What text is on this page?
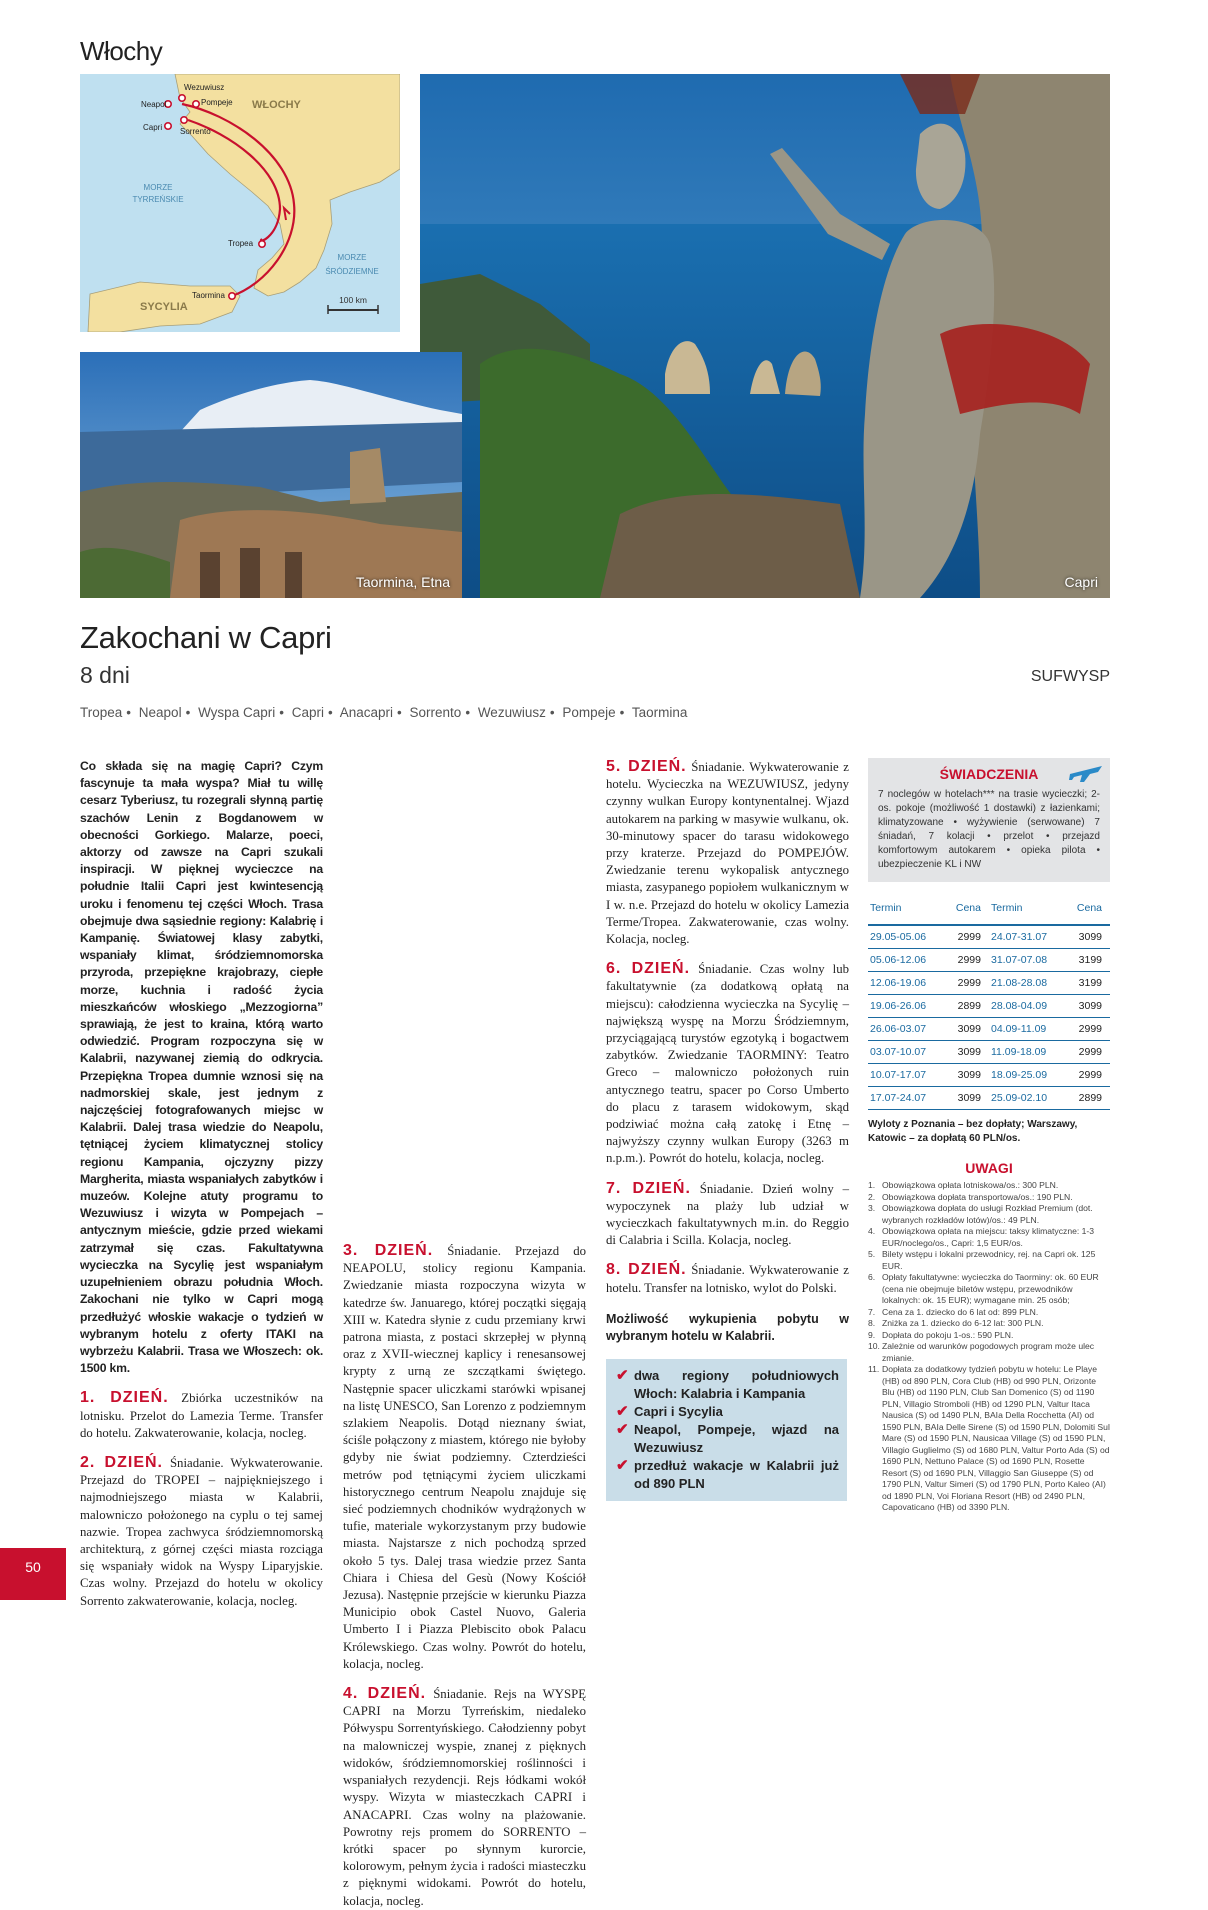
Włochy
WŁOCHY
MORZE
TYRREŃSKIE
MORZE
ŚRÓDZIEMNE
SYCYLIA
100 km
Wezuwiusz
Neapol	Pompeje
Capri Sorrento
Tropea
Taormina
Capri
Taormina, Etna
Zakochani w Capri
8 dni	SUFWYSP
Tropea • Neapol • Wyspa Capri • Capri • Anacapri • Sorrento • Wezuwiusz • Pompeje • Taormina

Co składa się na magię Capri? Czym fascynuje ta mała wyspa? Miał tu willę cesarz Tyberiusz, tu rozegrali słynną partię szachów Lenin z Bogdanowem w obecności Gorkiego. Malarze, poeci, aktorzy od zawsze na Capri szukali inspiracji. W pięknej wycieczce na południe Italii Capri jest kwintesencją uroku i fenomenu tej części Włoch. Trasa obejmuje dwa sąsiednie regiony: Kalabrię i Kampanię. Światowej klasy zabytki, wspaniały klimat, śródziemnomorska przyroda, przepiękne krajobrazy, ciepłe morze, kuchnia i radość życia mieszkańców włoskiego „Mezzogiorna” sprawiają, że jest to kraina, którą warto odwiedzić. Program rozpoczyna się w Kalabrii, nazywanej ziemią do odkrycia. Przepiękna Tropea dumnie wznosi się na nadmorskiej skale, jest jednym z najczęściej fotografowanych miejsc w Kalabrii. Dalej trasa wiedzie do Neapolu, tętniącej życiem klimatycznej stolicy regionu Kampania, ojczyzny pizzy Margherita, miasta wspaniałych zabytków i muzeów. Kolejne atuty programu to Wezuwiusz i wizyta w Pompejach – antycznym mieście, gdzie przed wiekami zatrzymał się czas. Fakultatywna wycieczka na Sycylię jest wspaniałym uzupełnieniem obrazu południa Włoch. Zakochani nie tylko w Capri mogą przedłużyć włoskie wakacje o tydzień w wybranym hotelu z oferty ITAKI na wybrzeżu Kalabrii. Trasa we Włoszech: ok. 1500 km.

1. DZIEŃ. Zbiórka uczestników na lotnisku. Przelot do Lamezia Terme. Transfer do hotelu. Zakwaterowanie, kolacja, nocleg.

2. DZIEŃ. Śniadanie. Wykwaterowanie. Przejazd do TROPEI – najpiękniejszego i najmodniejszego miasta w Kalabrii, malowniczo położonego na cyplu o tej samej nazwie. Tropea zachwyca śródziemnomorską architekturą, z górnej części miasta rozciąga się wspaniały widok na Wyspy Liparyjskie. Czas wolny. Przejazd do hotelu w okolicy Sorrento zakwaterowanie, kolacja, nocleg.

3. DZIEŃ. Śniadanie. Przejazd do NEAPOLU, stolicy regionu Kampania. Zwiedzanie miasta rozpoczyna wizyta w katedrze św. Januarego, której początki sięgają XIII w. Katedra słynie z cudu przemiany krwi patrona miasta, z postaci skrzepłej w płynną oraz z XVII-wiecznej kaplicy i renesansowej krypty z urną ze szczątkami świętego. Następnie spacer uliczkami starówki wpisanej na listę UNESCO, San Lorenzo z podziemnym szlakiem Neapolis. Dotąd nieznany świat, ściśle połączony z miastem, którego nie byłoby gdyby nie świat podziemny. Czterdzieści metrów pod tętniącymi życiem uliczkami historycznego centrum Neapolu znajduje się sieć podziemnych chodników wydrążonych w tufie, materiale wykorzystanym przy budowie miasta. Najstarsze z nich pochodzą sprzed około 5 tys. Dalej trasa wiedzie przez Santa Chiara i Chiesa del Gesù (Nowy Kościół Jezusa). Następnie przejście w kierunku Piazza Municipio obok Castel Nuovo, Galeria Umberto I i Piazza Plebiscito obok Palacu Królewskiego. Czas wolny. Powrót do hotelu, kolacja, nocleg.

4. DZIEŃ. Śniadanie. Rejs na WYSPĘ CAPRI na Morzu Tyrreńskim, niedaleko Półwyspu Sorrentyńskiego. Całodzienny pobyt na malowniczej wyspie, znanej z pięknych widoków, śródziemnomorskiej roślinności i wspaniałych rezydencji. Rejs łódkami wokół wyspy. Wizyta w miasteczkach CAPRI i ANACAPRI. Czas wolny na plażowanie. Powrotny rejs promem do SORRENTO – krótki spacer po słynnym kurorcie, kolorowym, pełnym życia i radości miasteczku z pięknymi widokami. Powrót do hotelu, kolacja, nocleg.

5. DZIEŃ. Śniadanie. Wykwaterowanie z hotelu. Wycieczka na WEZUWIUSZ, jedyny czynny wulkan Europy kontynentalnej. Wjazd autokarem na parking w masywie wulkanu, ok. 30-minutowy spacer do tarasu widokowego przy kraterze. Przejazd do POMPEJÓW. Zwiedzanie terenu wykopalisk antycznego miasta, zasypanego popiołem wulkanicznym w I w. n.e. Przejazd do hotelu w okolicy Lamezia Terme/Tropea. Zakwaterowanie, czas wolny. Kolacja, nocleg.

6. DZIEŃ. Śniadanie. Czas wolny lub fakultatywnie (za dodatkową opłatą na miejscu): całodzienna wycieczka na Sycylię – największą wyspę na Morzu Śródziemnym, przyciągającą turystów egzotyką i bogactwem zabytków. Zwiedzanie TAORMINY: Teatro Greco – malowniczo położonych ruin antycznego teatru, spacer po Corso Umberto do placu z tarasem widokowym, skąd podziwiać można całą zatokę i Etnę – najwyższy czynny wulkan Europy (3263 m n.p.m.). Powrót do hotelu, kolacja, nocleg.

7. DZIEŃ. Śniadanie. Dzień wolny – wypoczynek na plaży lub udział w wycieczkach fakultatywnych m.in. do Reggio di Calabria i Scilla. Kolacja, nocleg.

8. DZIEŃ. Śniadanie. Wykwaterowanie z hotelu. Transfer na lotnisko, wylot do Polski.

Możliwość wykupienia pobytu w wybranym hotelu w Kalabrii.

✔ dwa regiony południowych Włoch: Kalabria i Kampania
✔ Capri i Sycylia
✔ Neapol, Pompeje, wjazd na Wezuwiusz
✔ przedłuż wakacje w Kalabrii już od 890 PLN
ŚWIADCZENIA
7 noclegów w hotelach*** na trasie wycieczki; 2-os. pokoje (możliwość 1 dostawki) z łazienkami; klimatyzowane • wyżywienie (serwowane) 7 śniadań, 7 kolacji • przelot • przejazd komfortowym autokarem • opieka pilota • ubezpieczenie KL i NW
Termin	Cena	Termin	Cena
29.05-05.06	2999	24.07-31.07	3099
05.06-12.06	2999	31.07-07.08	3199
12.06-19.06	2999	21.08-28.08	3199
19.06-26.06	2899	28.08-04.09	3099
26.06-03.07	3099	04.09-11.09	2999
03.07-10.07	3099	11.09-18.09	2999
10.07-17.07	3099	18.09-25.09	2999
17.07-24.07	3099	25.09-02.10	2899
Wyloty z Poznania – bez dopłaty; Warszawy, Katowic – za dopłatą 60 PLN/os.
UWAGI
1. Obowiązkowa opłata lotniskowa/os.: 300 PLN.
2. Obowiązkowa dopłata transportowa/os.: 190 PLN.
3. Obowiązkowa dopłata do usługi Rozkład Premium (dot. wybranych rozkładów lotów)/os.: 49 PLN.
4. Obowiązkowa opłata na miejscu: taksy klimatyczne: 1-3 EUR/noclego/os., Capri: 1,5 EUR/os.
5. Bilety wstępu i lokalni przewodnicy, rej. na Capri ok. 125 EUR.
6. Opłaty fakultatywne: wycieczka do Taorminy: ok. 60 EUR (cena nie obejmuje biletów wstępu, przewodników lokalnych: ok. 15 EUR); wymagane min. 25 osób;
7. Cena za 1. dziecko do 6 lat od: 899 PLN.
8. Zniżka za 1. dziecko do 6-12 lat: 300 PLN.
9. Dopłata do pokoju 1-os.: 590 PLN.
10. Zależnie od warunków pogodowych program może ulec zmianie.
11. Dopłata za dodatkowy tydzień pobytu w hotelu: Le Playe (HB) od 890 PLN, Cora Club (HB) od 990 PLN, Orizonte Blu (HB) od 1190 PLN, Club San Domenico (S) od 1190 PLN, Villagio Stromboli (HB) od 1290 PLN, Valtur Itaca Nausica (S) od 1490 PLN, BAIa Della Rocchetta (AI) od 1590 PLN, BAIa Delle Sirene (S) od 1590 PLN, Dolomiti Sul Mare (S) od 1590 PLN, Nausicaa Village (S) od 1590 PLN, Villagio Guglielmo (S) od 1680 PLN, Valtur Porto Ada (S) od 1690 PLN, Nettuno Palace (S) od 1690 PLN, Rosette Resort (S) od 1690 PLN, Villaggio San Giuseppe (S) od 1790 PLN, Valtur Simeri (S) od 1790 PLN, Porto Kaleo (AI) od 1890 PLN, Voi Floriana Resort (HB) od 2490 PLN, Capovaticano (HB) od 3390 PLN.
50
